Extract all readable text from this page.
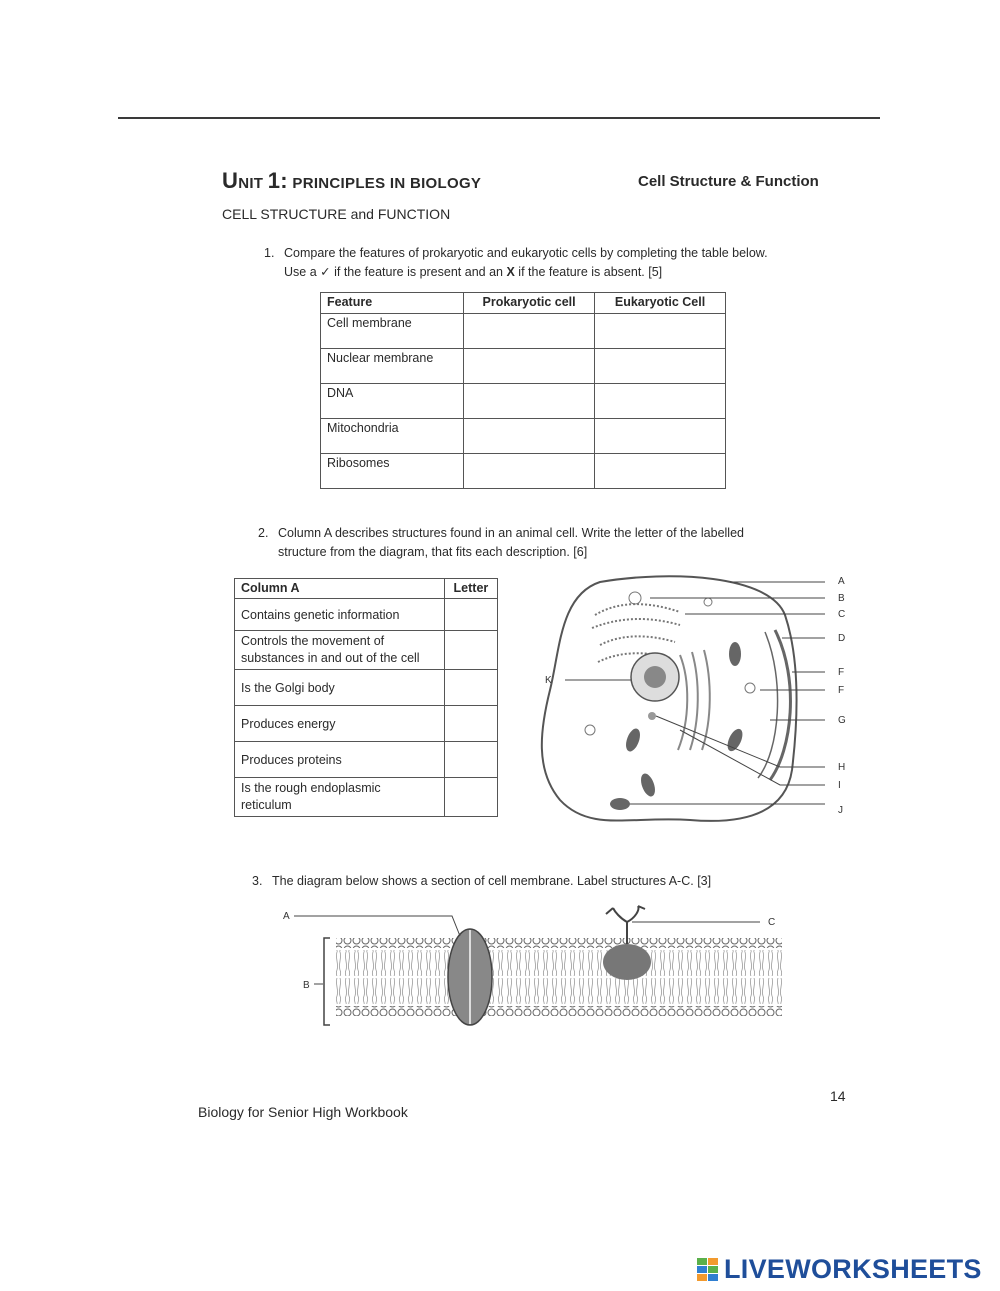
UNIT 1: PRINCIPLES IN BIOLOGY	Cell Structure & Function
CELL STRUCTURE and FUNCTION
1. Compare the features of prokaryotic and eukaryotic cells by completing the table below.
Use a ✓ if the feature is present and an X if the feature is absent. [5]
Feature	Prokaryotic cell	Eukaryotic Cell
Cell membrane		
Nuclear membrane		
DNA		
Mitochondria		
Ribosomes		
2. Column A describes structures found in an animal cell. Write the letter of the labelled
structure from the diagram, that fits each description. [6]
Column A	Letter
Contains genetic information	

Controls the movement of
substances in and out of the cell	

Is the Golgi body	
Produces energy	
Produces proteins	

Is the rough endoplasmic
reticulum	

A
B
C
D
F
F
G
H
I
J
K
3. The diagram below shows a section of cell membrane. Label structures A-C. [3]
A
B
C
14
Biology for Senior High Workbook
LIVEWORKSHEETS
